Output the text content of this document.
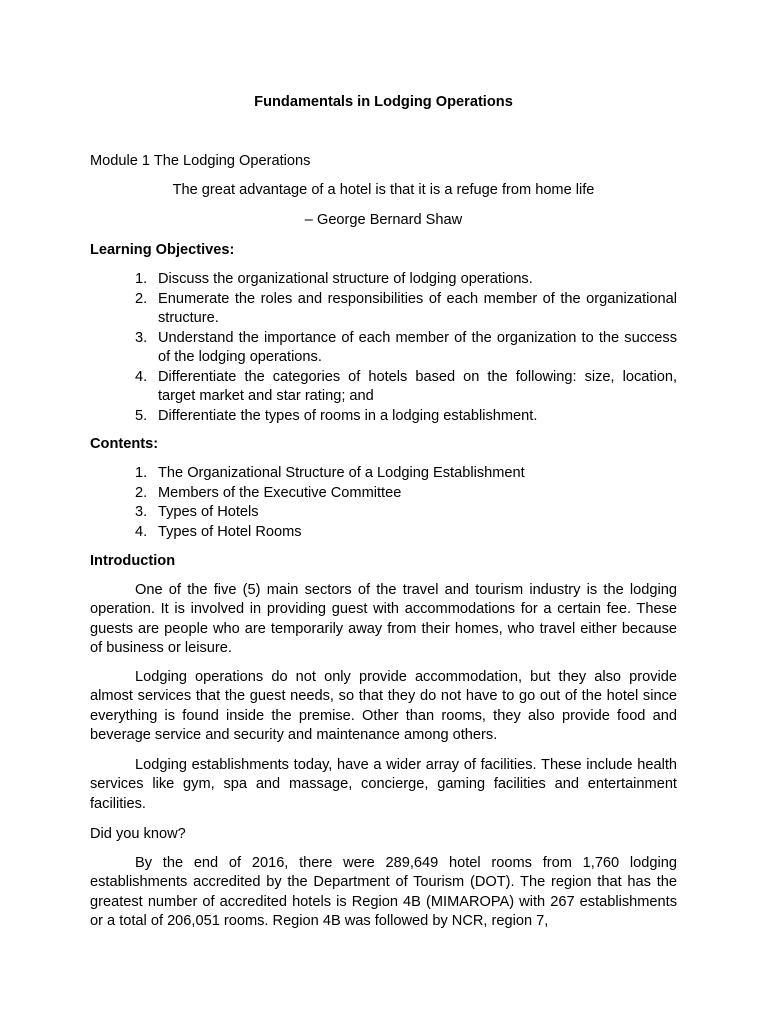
Fundamentals in Lodging Operations
Module 1 The Lodging Operations
The great advantage of a hotel is that it is a refuge from home life
– George Bernard Shaw
Learning Objectives:
1. Discuss the organizational structure of lodging operations.
2. Enumerate the roles and responsibilities of each member of the organizational structure.
3. Understand the importance of each member of the organization to the success of the lodging operations.
4. Differentiate the categories of hotels based on the following: size, location, target market and star rating; and
5. Differentiate the types of rooms in a lodging establishment.
Contents:
1. The Organizational Structure of a Lodging Establishment
2. Members of the Executive Committee
3. Types of Hotels
4. Types of Hotel Rooms
Introduction

One of the five (5) main sectors of the travel and tourism industry is the lodging operation. It is involved in providing guest with accommodations for a certain fee. These guests are people who are temporarily away from their homes, who travel either because of business or leisure.

Lodging operations do not only provide accommodation, but they also provide almost services that the guest needs, so that they do not have to go out of the hotel since everything is found inside the premise. Other than rooms, they also provide food and beverage service and security and maintenance among others.

Lodging establishments today, have a wider array of facilities. These include health services like gym, spa and massage, concierge, gaming facilities and entertainment facilities.

Did you know?

By the end of 2016, there were 289,649 hotel rooms from 1,760 lodging establishments accredited by the Department of Tourism (DOT). The region that has the greatest number of accredited hotels is Region 4B (MIMAROPA) with 267 establishments or a total of 206,051 rooms. Region 4B was followed by NCR, region 7,
